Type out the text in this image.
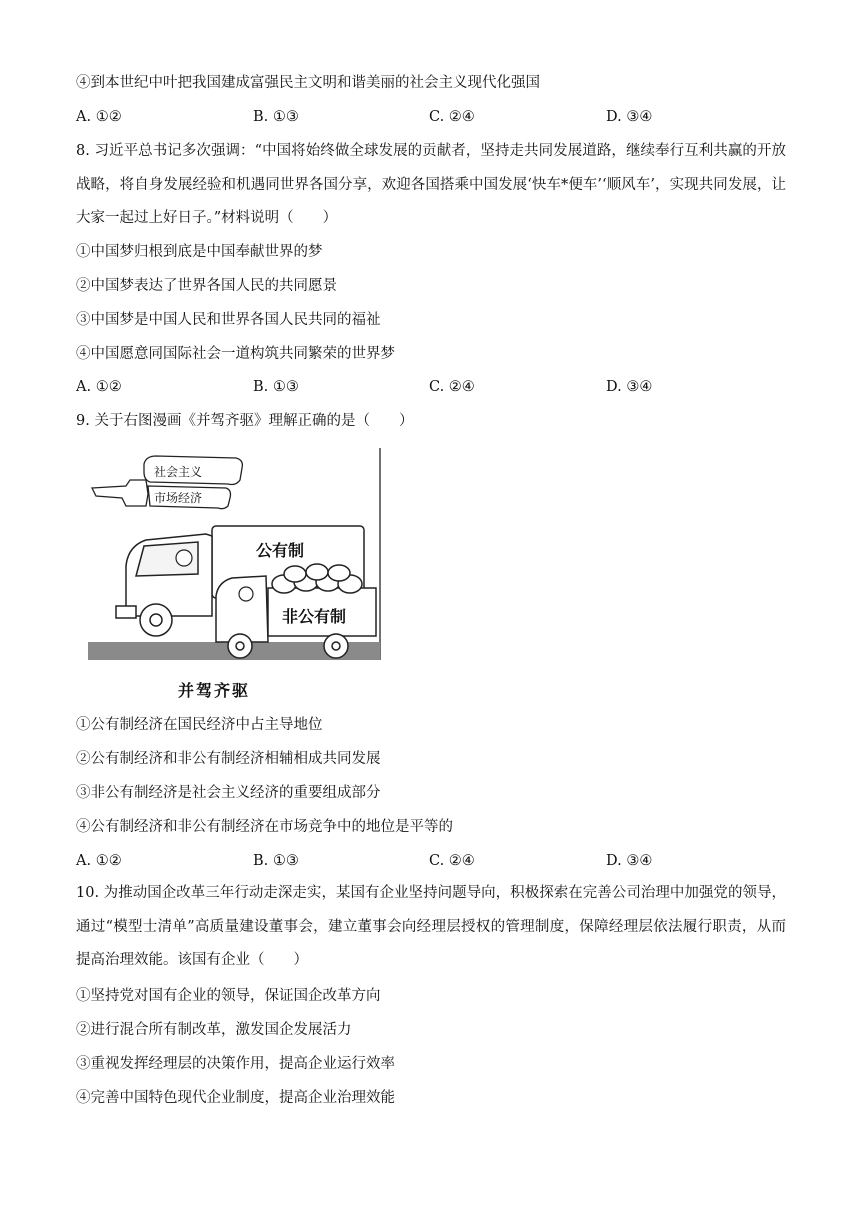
④到本世纪中叶把我国建成富强民主文明和谐美丽的社会主义现代化强国
A. ①②	B. ①③	C. ②④	D. ③④
8. 习近平总书记多次强调：“中国将始终做全球发展的贡献者，坚持走共同发展道路，继续奉行互利共赢的开放战略，将自身发展经验和机遇同世界各国分享，欢迎各国搭乘中国发展‘快车*便车’‘顺风车’，实现共同发展，让大家一起过上好日子。”材料说明（　　）
①中国梦归根到底是中国奉献世界的梦
②中国梦表达了世界各国人民的共同愿景
③中国梦是中国人民和世界各国人民共同的福祉
④中国愿意同国际社会一道构筑共同繁荣的世界梦
A. ①②	B. ①③	C. ②④	D. ③④
9. 关于右图漫画《并驾齐驱》理解正确的是（　　）
社会主义
市场经济
公有制
非公有制
并驾齐驱
①公有制经济在国民经济中占主导地位
②公有制经济和非公有制经济相辅相成共同发展
③非公有制经济是社会主义经济的重要组成部分
④公有制经济和非公有制经济在市场竞争中的地位是平等的
A. ①②	B. ①③	C. ②④	D. ③④
10. 为推动国企改革三年行动走深走实，某国有企业坚持问题导向，积极探索在完善公司治理中加强党的领导，通过“模型士清单”高质量建设董事会，建立董事会向经理层授权的管理制度，保障经理层依法履行职责，从而提高治理效能。该国有企业（　　）
①坚持党对国有企业的领导，保证国企改革方向
②进行混合所有制改革，激发国企发展活力
③重视发挥经理层的决策作用，提高企业运行效率
④完善中国特色现代企业制度，提高企业治理效能
